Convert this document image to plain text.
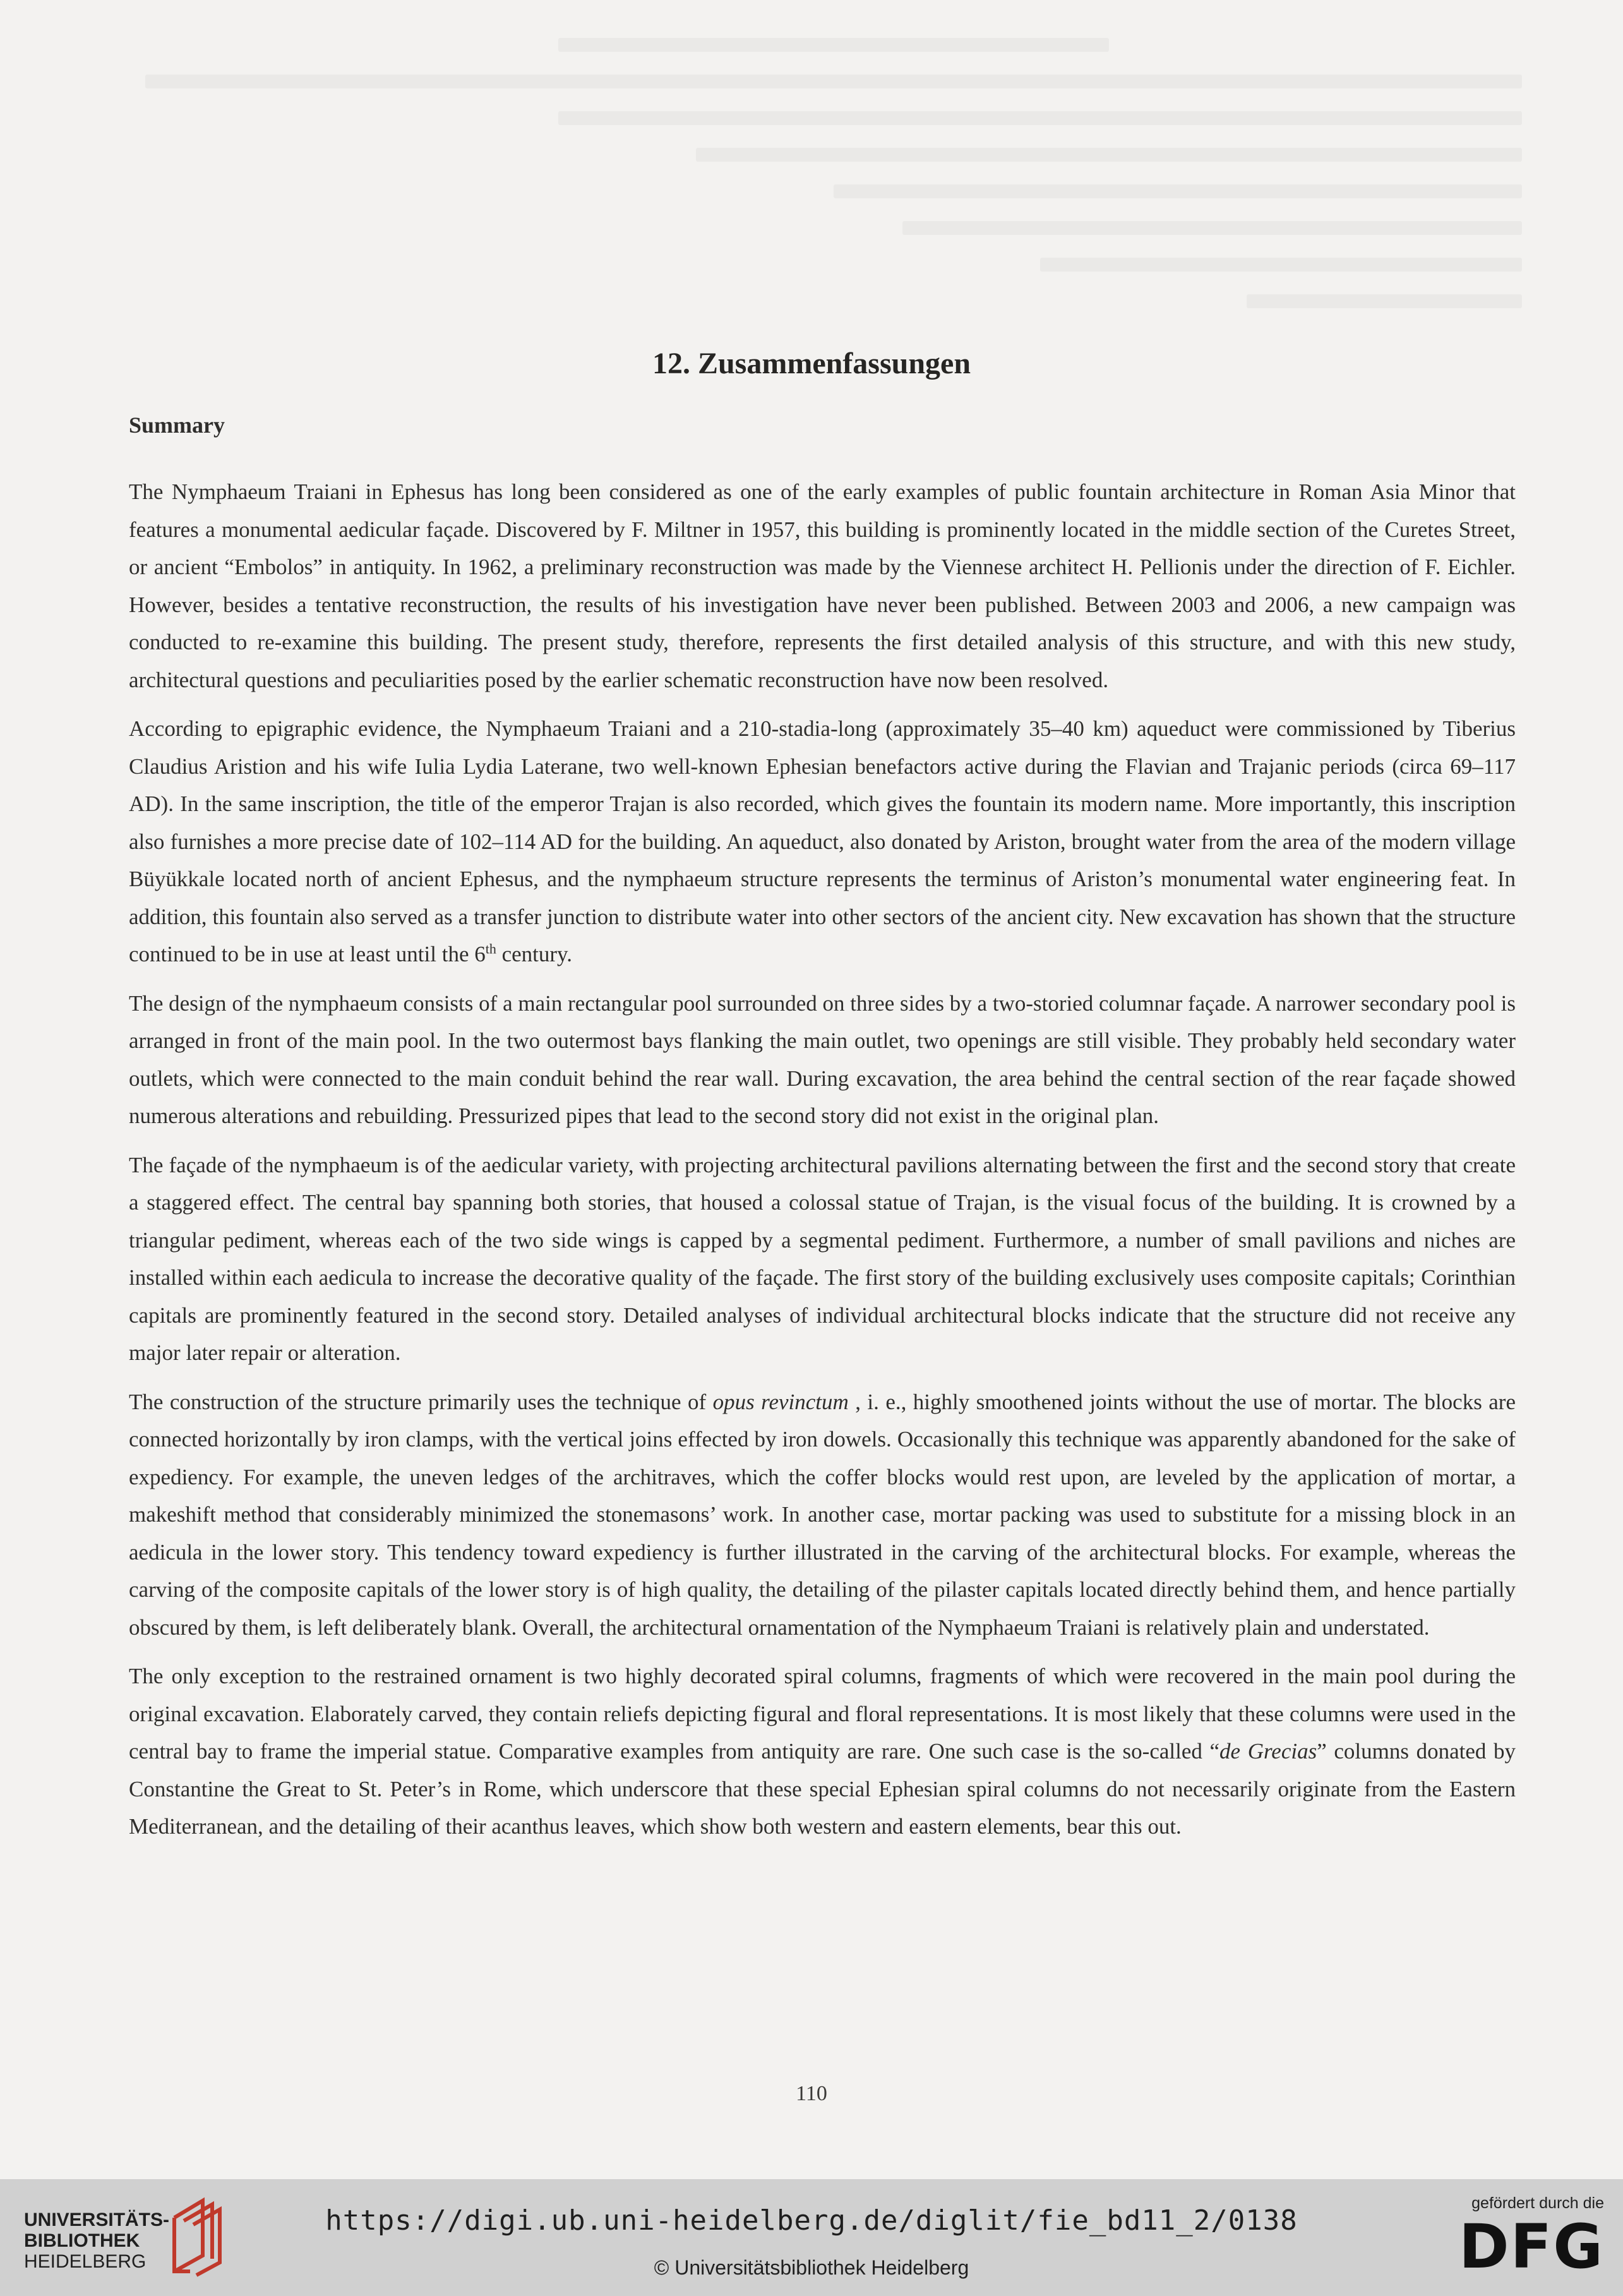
12. Zusammenfassungen
Summary

The Nymphaeum Traiani in Ephesus has long been considered as one of the early examples of public fountain architecture in Roman Asia Minor that features a monumental aedicular façade. Discovered by F. Miltner in 1957, this building is prominently located in the middle section of the Curetes Street, or ancient “Embolos” in antiquity. In 1962, a preliminary reconstruction was made by the Viennese architect H. Pellionis under the direction of F. Eichler. However, besides a tentative reconstruction, the results of his investigation have never been published. Between 2003 and 2006, a new campaign was conducted to re-examine this building. The present study, therefore, represents the first detailed analysis of this structure, and with this new study, architectural questions and peculiarities posed by the earlier schematic reconstruction have now been resolved.

According to epigraphic evidence, the Nymphaeum Traiani and a 210-stadia-long (approximately 35–40 km) aqueduct were commissioned by Tiberius Claudius Aristion and his wife Iulia Lydia Laterane, two well-known Ephesian benefactors active during the Flavian and Trajanic periods (circa 69–117 AD). In the same inscription, the title of the emperor Trajan is also recorded, which gives the fountain its modern name. More importantly, this inscription also furnishes a more precise date of 102–114 AD for the building. An aqueduct, also donated by Ariston, brought water from the area of the modern village Büyükkale located north of ancient Ephesus, and the nymphaeum structure represents the terminus of Ariston’s monumental water engineering feat. In addition, this fountain also served as a transfer junction to distribute water into other sectors of the ancient city. New excavation has shown that the structure continued to be in use at least until the 6th century.

The design of the nymphaeum consists of a main rectangular pool surrounded on three sides by a two-storied columnar façade. A narrower secondary pool is arranged in front of the main pool. In the two outermost bays flanking the main outlet, two openings are still visible. They probably held secondary water outlets, which were connected to the main conduit behind the rear wall. During excavation, the area behind the central section of the rear façade showed numerous alterations and rebuilding. Pressurized pipes that lead to the second story did not exist in the original plan.

The façade of the nymphaeum is of the aedicular variety, with projecting architectural pavilions alternating between the first and the second story that create a staggered effect. The central bay spanning both stories, that housed a colossal statue of Trajan, is the visual focus of the building. It is crowned by a triangular pediment, whereas each of the two side wings is capped by a segmental pediment. Furthermore, a number of small pavilions and niches are installed within each aedicula to increase the decorative quality of the façade. The first story of the building exclusively uses composite capitals; Corinthian capitals are prominently featured in the second story. Detailed analyses of individual architectural blocks indicate that the structure did not receive any major later repair or alteration.

The construction of the structure primarily uses the technique of opus revinctum , i. e., highly smoothened joints without the use of mortar. The blocks are connected horizontally by iron clamps, with the vertical joins effected by iron dowels. Occasionally this technique was apparently abandoned for the sake of expediency. For example, the uneven ledges of the architraves, which the coffer blocks would rest upon, are leveled by the application of mortar, a makeshift method that considerably minimized the stonemasons’ work. In another case, mortar packing was used to substitute for a missing block in an aedicula in the lower story. This tendency toward expediency is further illustrated in the carving of the architectural blocks. For example, whereas the carving of the composite capitals of the lower story is of high quality, the detailing of the pilaster capitals located directly behind them, and hence partially obscured by them, is left deliberately blank. Overall, the architectural ornamentation of the Nymphaeum Traiani is relatively plain and understated.

The only exception to the restrained ornament is two highly decorated spiral columns, fragments of which were recovered in the main pool during the original excavation. Elaborately carved, they contain reliefs depicting figural and floral representations. It is most likely that these columns were used in the central bay to frame the imperial statue. Comparative examples from antiquity are rare. One such case is the so-called “de Grecias” columns donated by Constantine the Great to St. Peter’s in Rome, which underscore that these special Ephesian spiral columns do not necessarily originate from the Eastern Mediterranean, and the detailing of their acanthus leaves, which show both western and eastern elements, bear this out.

110
UNIVERSITÄTS-
BIBLIOTHEK
HEIDELBERG
https://digi.ub.uni-heidelberg.de/diglit/fie_bd11_2/0138
© Universitätsbibliothek Heidelberg
gefördert durch die
DFG
